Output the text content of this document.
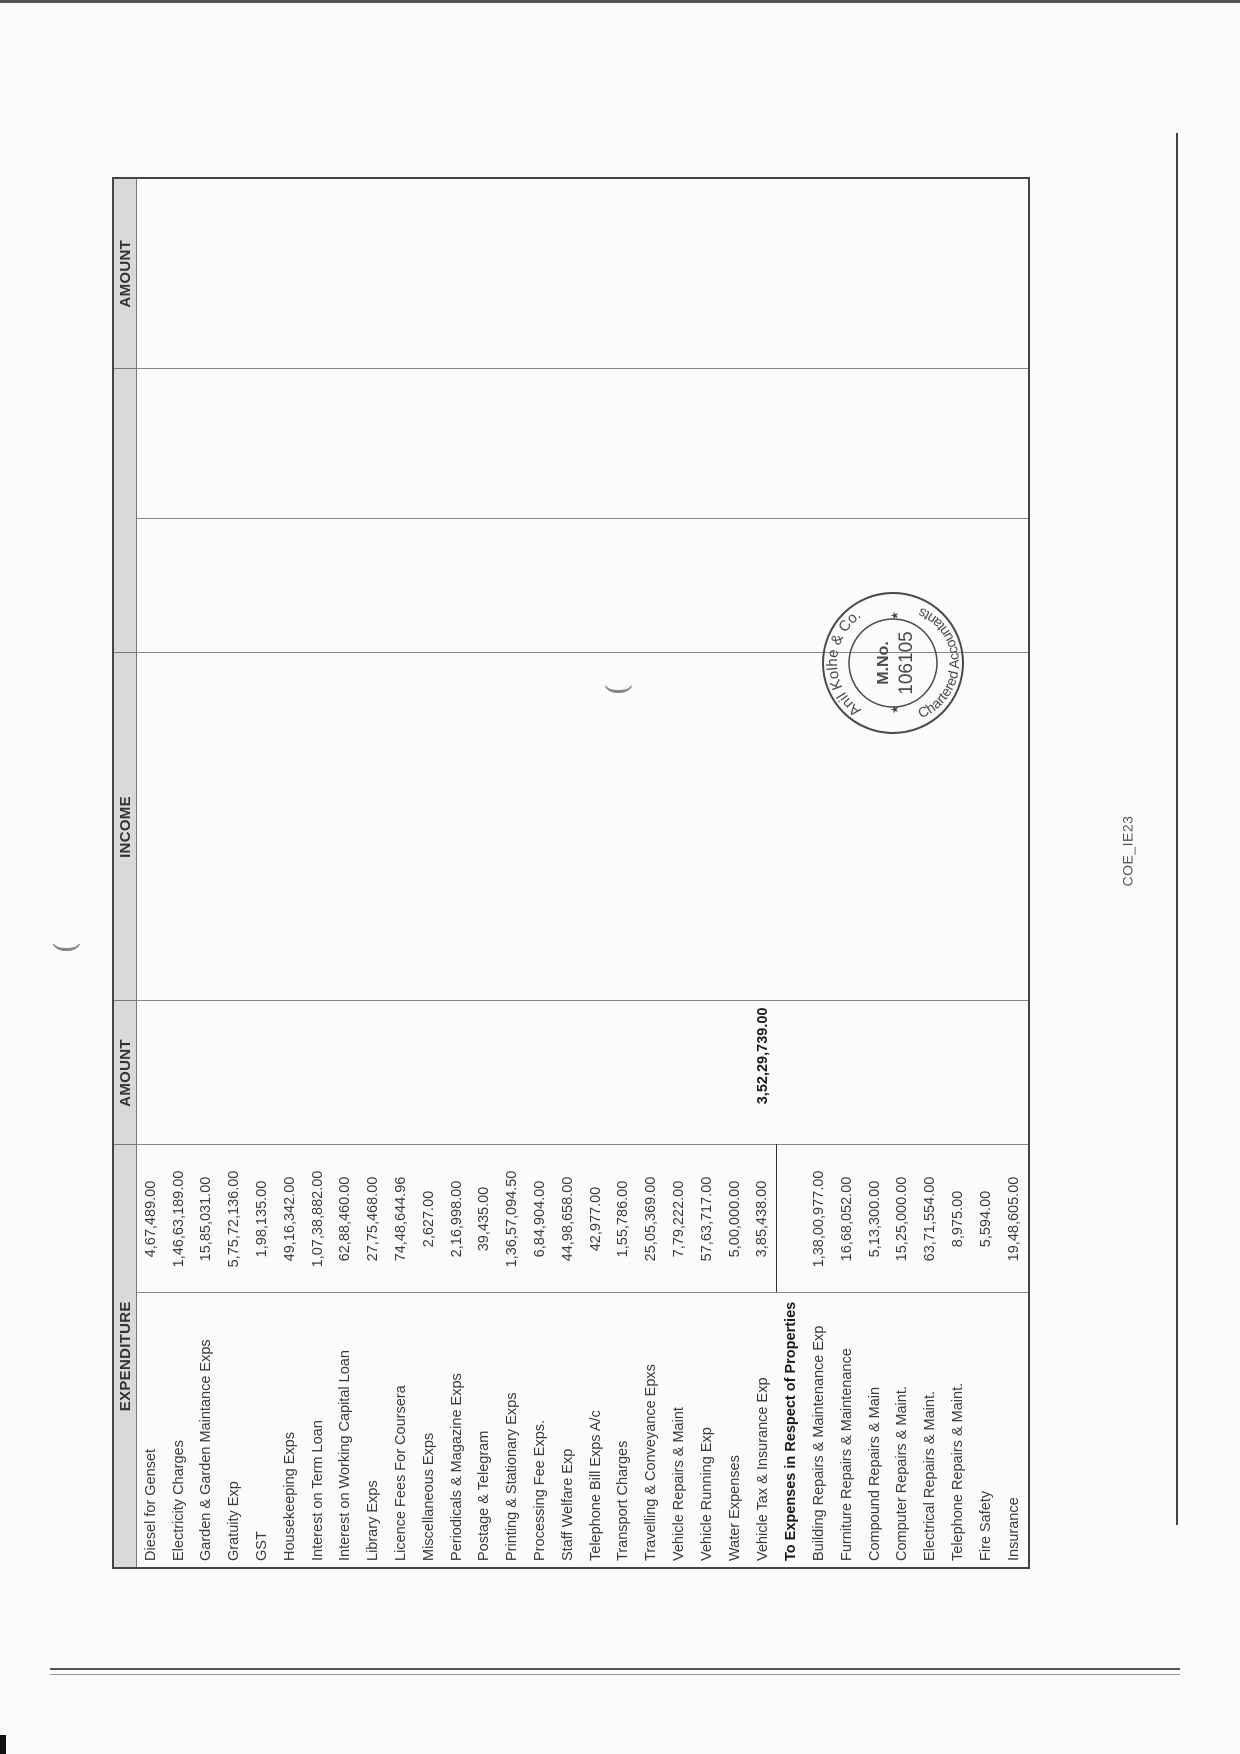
(
(
EXPENDITURE		AMOUNT	INCOME			AMOUNT
Diesel for Genset	4,67,489.00					
Electricity Charges	1,46,63,189.00					
Garden & Garden Maintance Exps	15,85,031.00					
Gratuity Exp	5,75,72,136.00					
GST	1,98,135.00					
Housekeeping Exps	49,16,342.00					
Interest on Term Loan	1,07,38,882.00					
Interest on Working Capital Loan	62,88,460.00					
Library Exps	27,75,468.00					
Licence Fees For Coursera	74,48,644.96					
Miscellaneous Exps	2,627.00					
Periodicals & Magazine Exps	2,16,998.00					
Postage & Telegram	39,435.00					
Printing & Stationary Exps	1,36,57,094.50					
Processing Fee Exps.	6,84,904.00					
Staff Welfare Exp	44,98,658.00					
Telephone Bill Exps A/c	42,977.00					
Transport Charges	1,55,786.00					
Travelling & Conveyance Epxs	25,05,369.00					
Vehicle Repairs & Maint	7,79,222.00					
Vehicle Running Exp	57,63,717.00					
Water Expenses	5,00,000.00					
Vehicle Tax & Insurance Exp	3,85,438.00	3,52,29,739.00				
To Expenses in Respect of Properties						
Building Repairs & Maintenance Exp	1,38,00,977.00					
Furniture Repairs & Maintenance	16,68,052.00					
Compound Repairs & Main	5,13,300.00					
Computer Repairs & Maint.	15,25,000.00					
Electrical Repairs & Maint.	63,71,554.00					
Telephone Repairs & Maint.	8,975.00					
Fire Safety	5,594.00					
Insurance	19,48,605.00					
Anil Kolhe & Co.
Chartered Accountants
M.No. 106105
★
★
COE_IE23
